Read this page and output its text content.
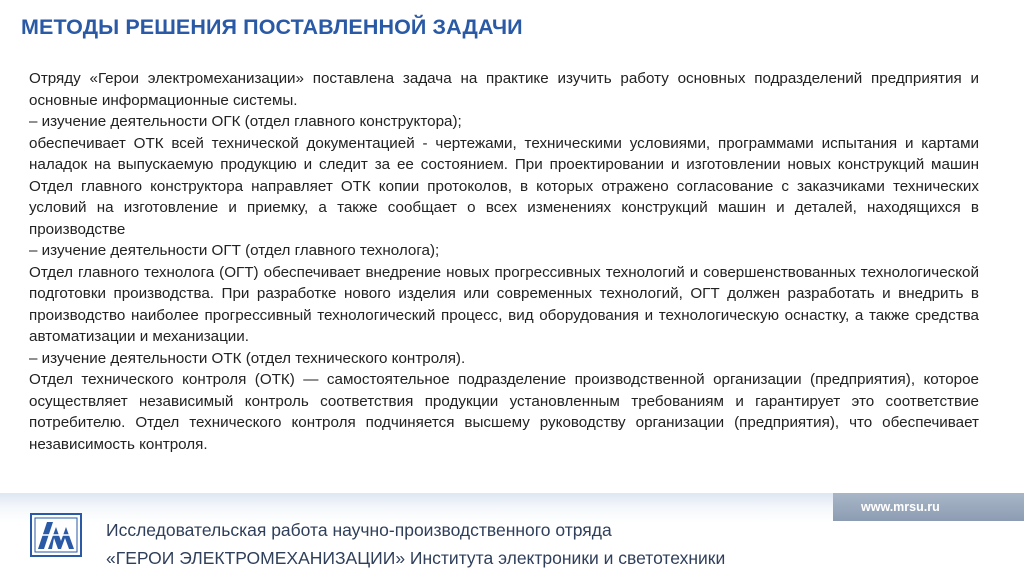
МЕТОДЫ РЕШЕНИЯ ПОСТАВЛЕННОЙ ЗАДАЧИ

Отряду «Герои электромеханизации» поставлена задача на практике изучить работу основных подразделений предприятия и основные информационные системы.

– изучение деятельности ОГК (отдел главного конструктора);

обеспечивает ОТК всей технической документацией - чертежами, техническими условиями, программами испытания и картами наладок на выпускаемую продукцию и следит за ее состоянием. При проектировании и изготовлении новых конструкций машин Отдел главного конструктора направляет ОТК копии протоколов, в которых отражено согласование с заказчиками технических условий на изготовление и приемку, а также сообщает о всех изменениях конструкций машин и деталей, находящихся в производстве

– изучение деятельности ОГТ (отдел главного технолога);

Отдел главного технолога (ОГТ) обеспечивает внедрение новых прогрессивных технологий и совершенствованных технологической подготовки производства. При разработке нового изделия или современных технологий, ОГТ должен разработать и внедрить в производство наиболее прогрессивный технологический процесс, вид оборудования и технологическую оснастку, а также средства автоматизации и механизации.

– изучение деятельности ОТК (отдел технического контроля).

Отдел технического контроля (ОТК) — самостоятельное подразделение производственной организации (предприятия), которое осуществляет независимый контроль соответствия продукции установленным требованиям и гарантирует это соответствие потребителю. Отдел технического контроля подчиняется высшему руководству организации (предприятия), что обеспечивает независимость контроля.

www.mrsu.ru
Исследовательская работа научно-производственного отряда
«ГЕРОИ ЭЛЕКТРОМЕХАНИЗАЦИИ» Института электроники и светотехники
